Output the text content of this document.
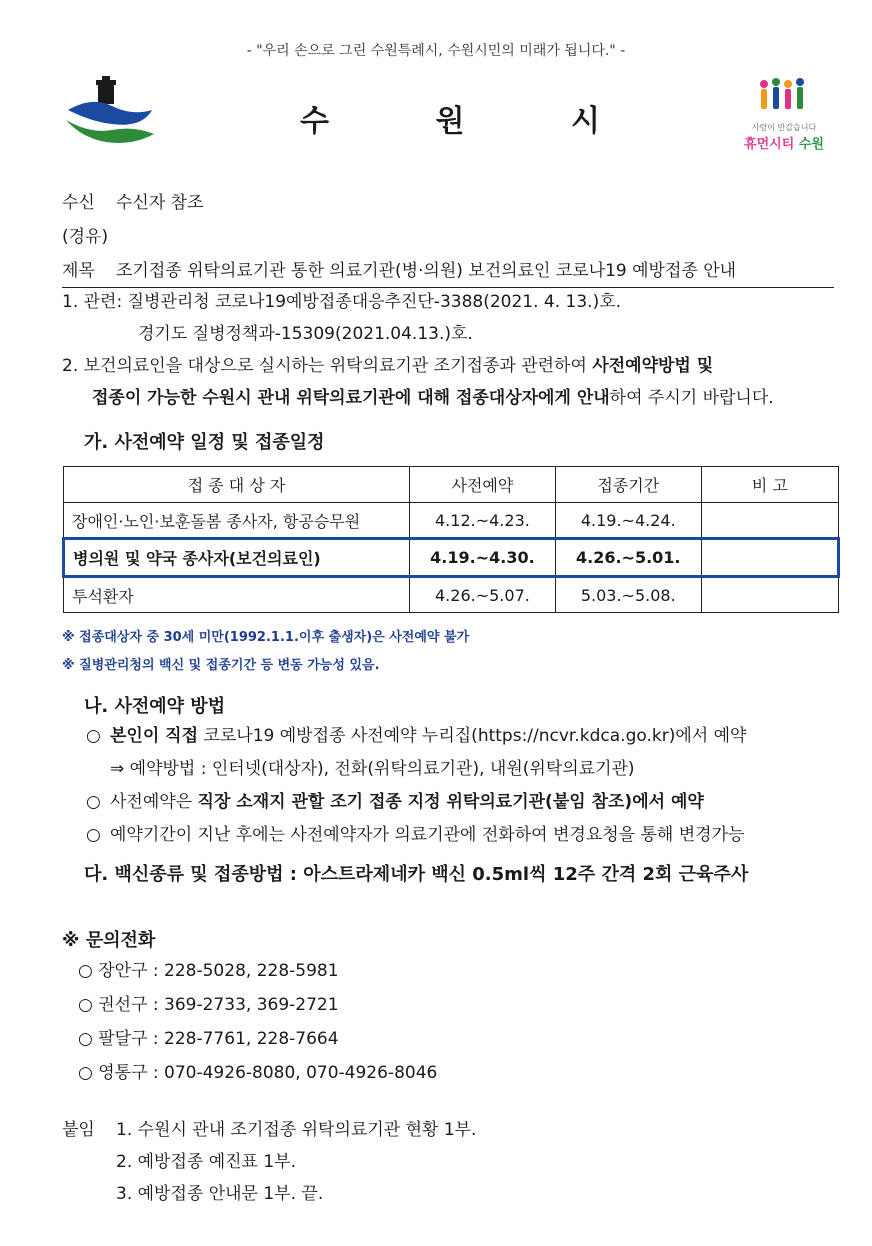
- "우리 손으로 그린 수원특례시, 수원시민의 미래가 됩니다." -
수	원	시	사람이 반갑습니다
휴먼시티 수원
수신 수신자 참조
(경유)
제목 조기접종 위탁의료기관 통한 의료기관(병·의원) 보건의료인 코로나19 예방접종 안내
1. 관련: 질병관리청 코로나19예방접종대응추진단-3388(2021. 4. 13.)호.
경기도 질병정책과-15309(2021.04.13.)호.
2. 보건의료인을 대상으로 실시하는 위탁의료기관 조기접종과 관련하여 사전예약방법 및
접종이 가능한 수원시 관내 위탁의료기관에 대해 접종대상자에게 안내하여 주시기 바랍니다.
가. 사전예약 일정 및 접종일정
접 종 대 상 자	사전예약	접종기간	비 고
장애인·노인·보훈돌봄 종사자, 항공승무원	4.12.~4.23.	4.19.~4.24.	
병의원 및 약국 종사자(보건의료인)	4.19.~4.30.	4.26.~5.01.	
투석환자	4.26.~5.07.	5.03.~5.08.	
※ 접종대상자 중 30세 미만(1992.1.1.이후 출생자)은 사전예약 불가
※ 질병관리청의 백신 및 접종기간 등 변동 가능성 있음.
나. 사전예약 방법
○ 본인이 직접 코로나19 예방접종 사전예약 누리집(https://ncvr.kdca.go.kr)에서 예약
⇒ 예약방법 : 인터넷(대상자), 전화(위탁의료기관), 내원(위탁의료기관)
○ 사전예약은 직장 소재지 관할 조기 접종 지정 위탁의료기관(붙임 참조)에서 예약
○ 예약기간이 지난 후에는 사전예약자가 의료기관에 전화하여 변경요청을 통해 변경가능
다. 백신종류 및 접종방법 : 아스트라제네카 백신 0.5ml씩 12주 간격 2회 근육주사
※ 문의전화
○ 장안구 : 228-5028, 228-5981
○ 권선구 : 369-2733, 369-2721
○ 팔달구 : 228-7761, 228-7664
○ 영통구 : 070-4926-8080, 070-4926-8046
붙임 1. 수원시 관내 조기접종 위탁의료기관 현황 1부.
2. 예방접종 예진표 1부.
3. 예방접종 안내문 1부. 끝.
